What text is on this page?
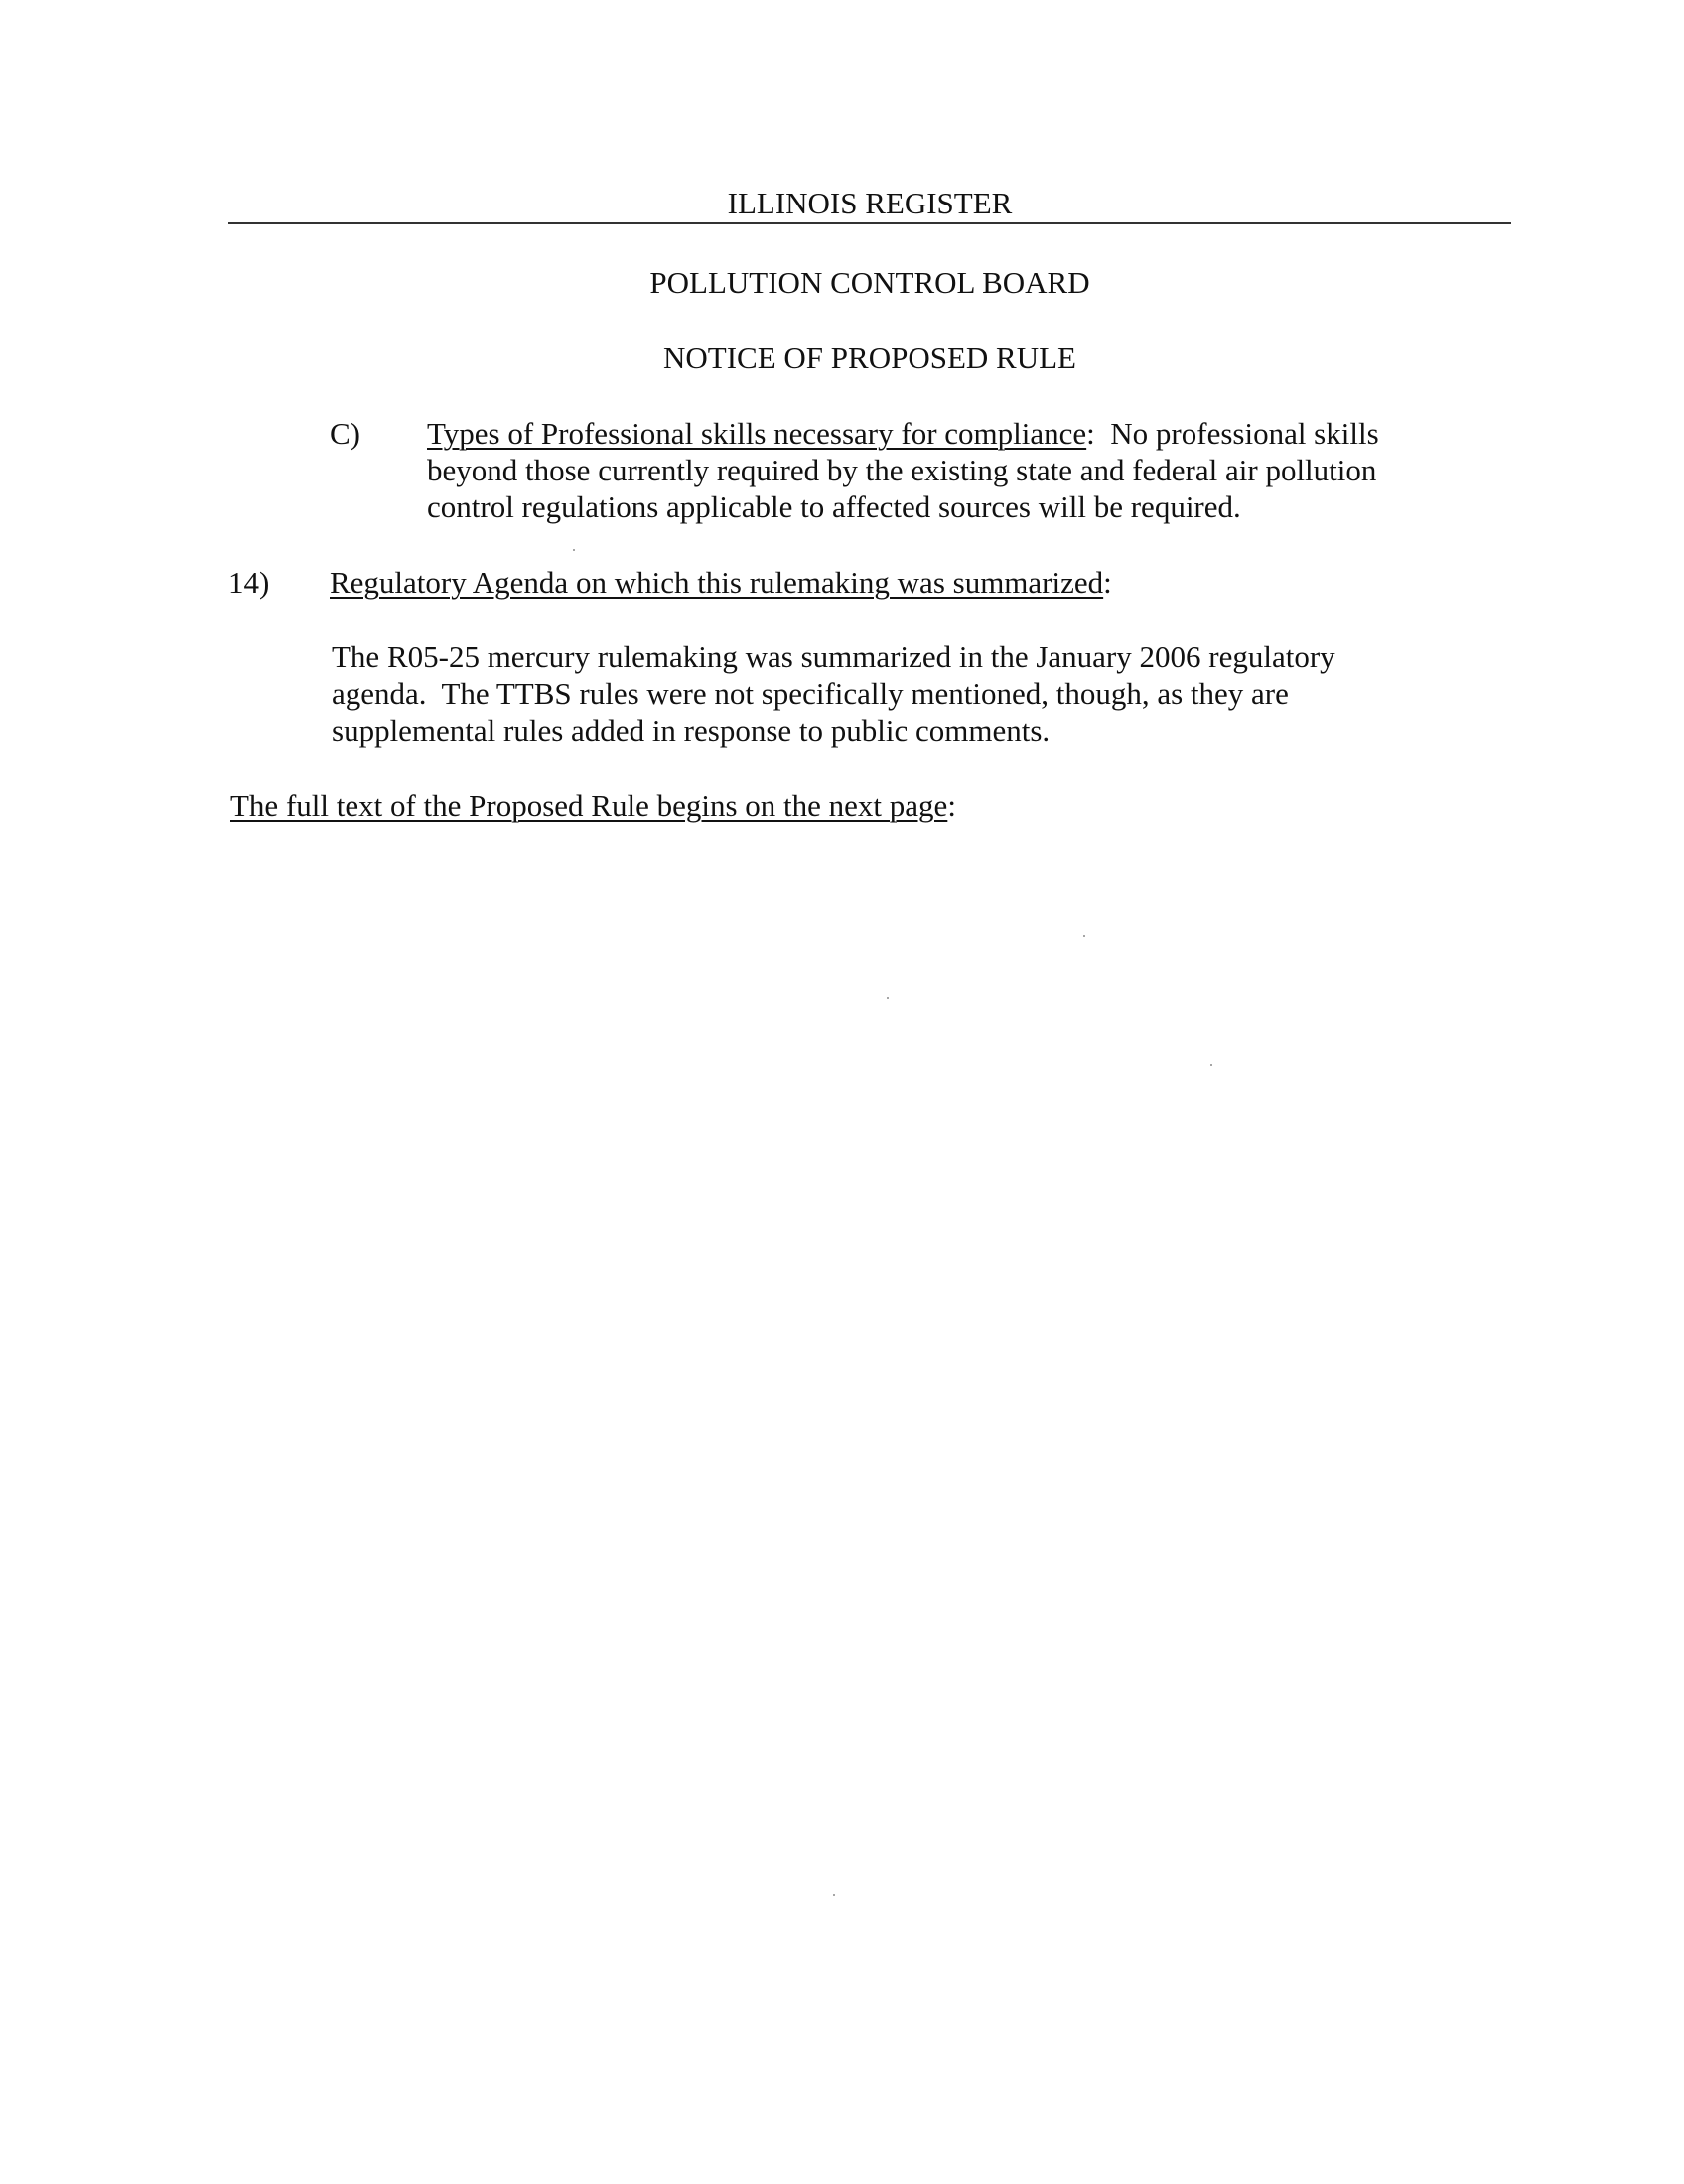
ILLINOIS REGISTER
POLLUTION CONTROL BOARD
NOTICE OF PROPOSED RULE
C) Types of Professional skills necessary for compliance: No professional skills
beyond those currently required by the existing state and federal air pollution
control regulations applicable to affected sources will be required.
14) Regulatory Agenda on which this rulemaking was summarized:
The R05-25 mercury rulemaking was summarized in the January 2006 regulatory
agenda.  The TTBS rules were not specifically mentioned, though, as they are
supplemental rules added in response to public comments.
The full text of the Proposed Rule begins on the next page:
